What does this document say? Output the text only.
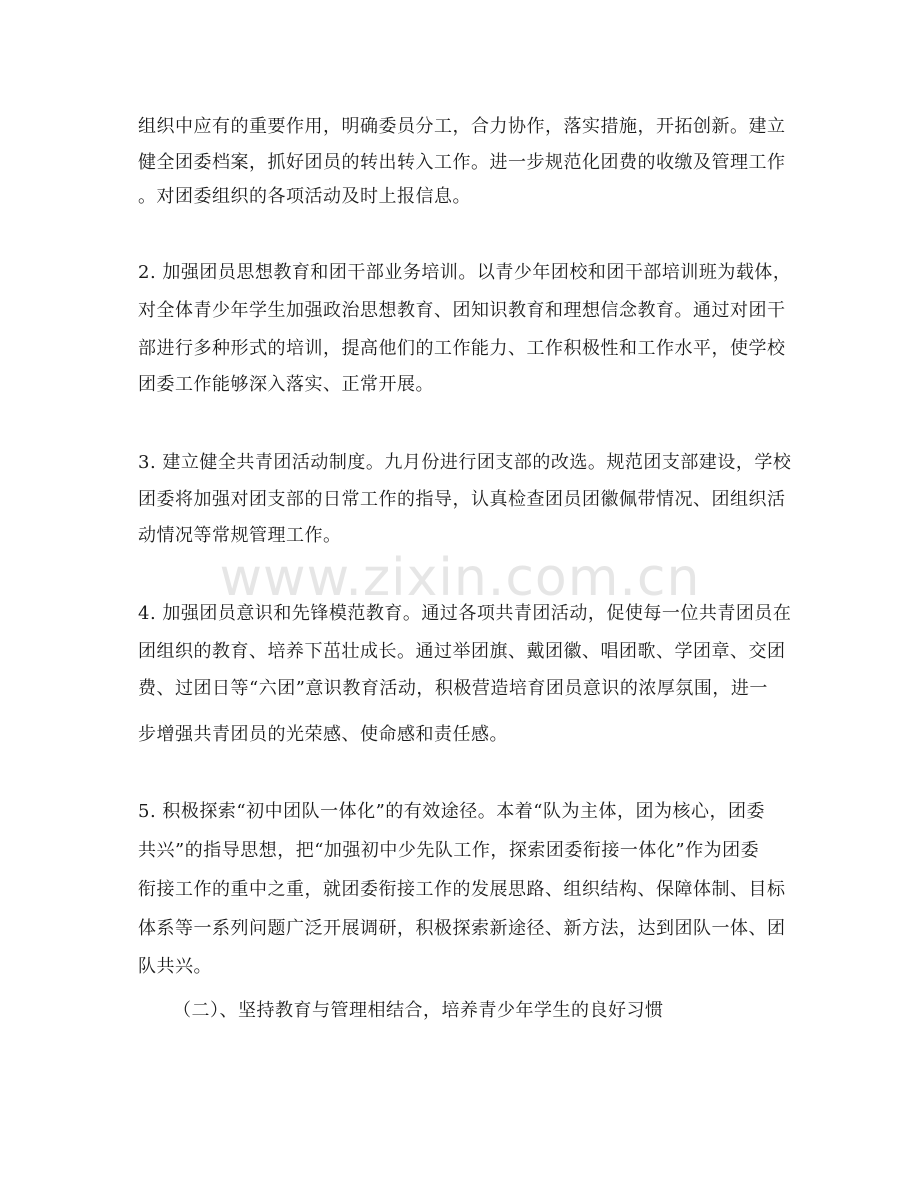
www.zixin.com.cn
组织中应有的重要作用，明确委员分工，合力协作，落实措施，开拓创新。建立
健全团委档案，抓好团员的转出转入工作。进一步规范化团费的收缴及管理工作
。对团委组织的各项活动及时上报信息。
2. 加强团员思想教育和团干部业务培训。以青少年团校和团干部培训班为载体，
对全体青少年学生加强政治思想教育、团知识教育和理想信念教育。通过对团干
部进行多种形式的培训，提高他们的工作能力、工作积极性和工作水平，使学校
团委工作能够深入落实、正常开展。
3. 建立健全共青团活动制度。九月份进行团支部的改选。规范团支部建设，学校
团委将加强对团支部的日常工作的指导，认真检查团员团徽佩带情况、团组织活
动情况等常规管理工作。
4. 加强团员意识和先锋模范教育。通过各项共青团活动，促使每一位共青团员在
团组织的教育、培养下茁壮成长。通过举团旗、戴团徽、唱团歌、学团章、交团
费、过团日等“六团”意识教育活动，积极营造培育团员意识的浓厚氛围，进一
步增强共青团员的光荣感、使命感和责任感。
5. 积极探索“初中团队一体化”的有效途径。本着“队为主体，团为核心，团委
共兴”的指导思想，把“加强初中少先队工作，探索团委衔接一体化”作为团委
衔接工作的重中之重，就团委衔接工作的发展思路、组织结构、保障体制、目标
体系等一系列问题广泛开展调研，积极探索新途径、新方法，达到团队一体、团
队共兴。
（二）、坚持教育与管理相结合，培养青少年学生的良好习惯
